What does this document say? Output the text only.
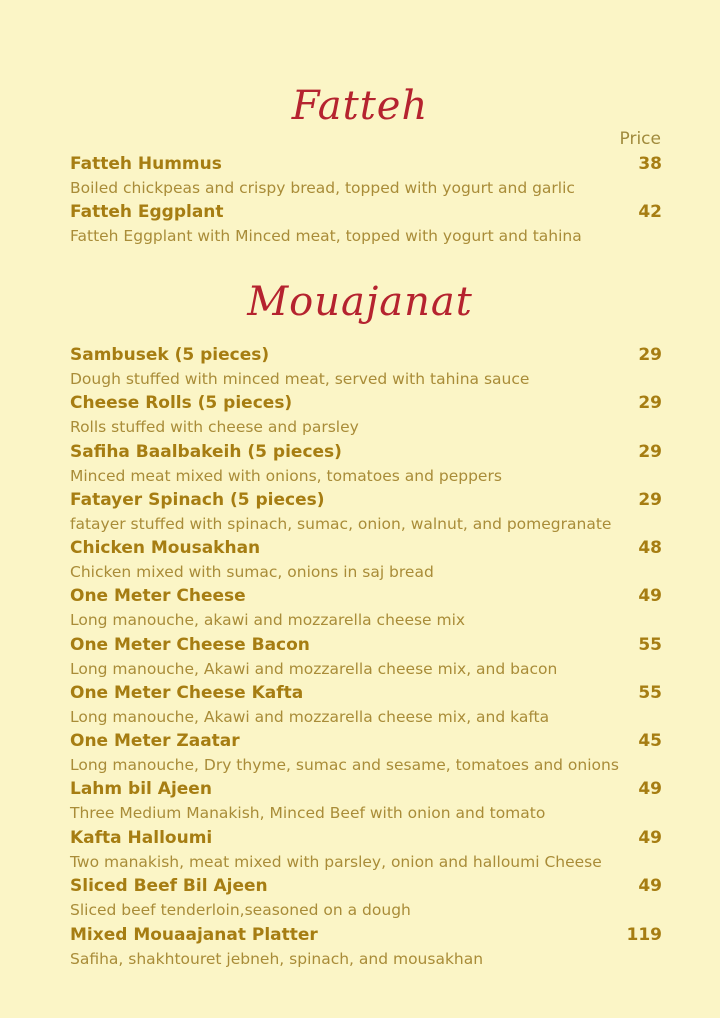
Fatteh
Price
Fatteh Hummus	38
Boiled chickpeas and crispy bread, topped with yogurt and garlic
Fatteh Eggplant	42
Fatteh Eggplant with Minced meat, topped with yogurt and tahina
Mouajanat
Sambusek (5 pieces)	29
Dough stuffed with minced meat, served with tahina sauce
Cheese Rolls (5 pieces)	29
Rolls stuffed with cheese and parsley
Safiha Baalbakeih (5 pieces)	29
Minced meat mixed with onions, tomatoes and peppers
Fatayer Spinach (5 pieces)	29
fatayer stuffed with spinach, sumac, onion, walnut, and pomegranate
Chicken Mousakhan	48
Chicken mixed with sumac, onions in saj bread
One Meter Cheese	49
Long manouche, akawi and mozzarella cheese mix
One Meter Cheese Bacon	55
Long manouche, Akawi and mozzarella cheese mix, and bacon
One Meter Cheese Kafta	55
Long manouche, Akawi and mozzarella cheese mix, and kafta
One Meter Zaatar	45
Long manouche, Dry thyme, sumac and sesame, tomatoes and onions
Lahm bil Ajeen	49
Three Medium Manakish, Minced Beef with onion and tomato
Kafta Halloumi	49
Two manakish, meat mixed with parsley, onion and halloumi Cheese
Sliced Beef Bil Ajeen	49
Sliced beef tenderloin,seasoned on a dough
Mixed Mouaajanat Platter	119
Safiha, shakhtouret jebneh, spinach, and mousakhan
